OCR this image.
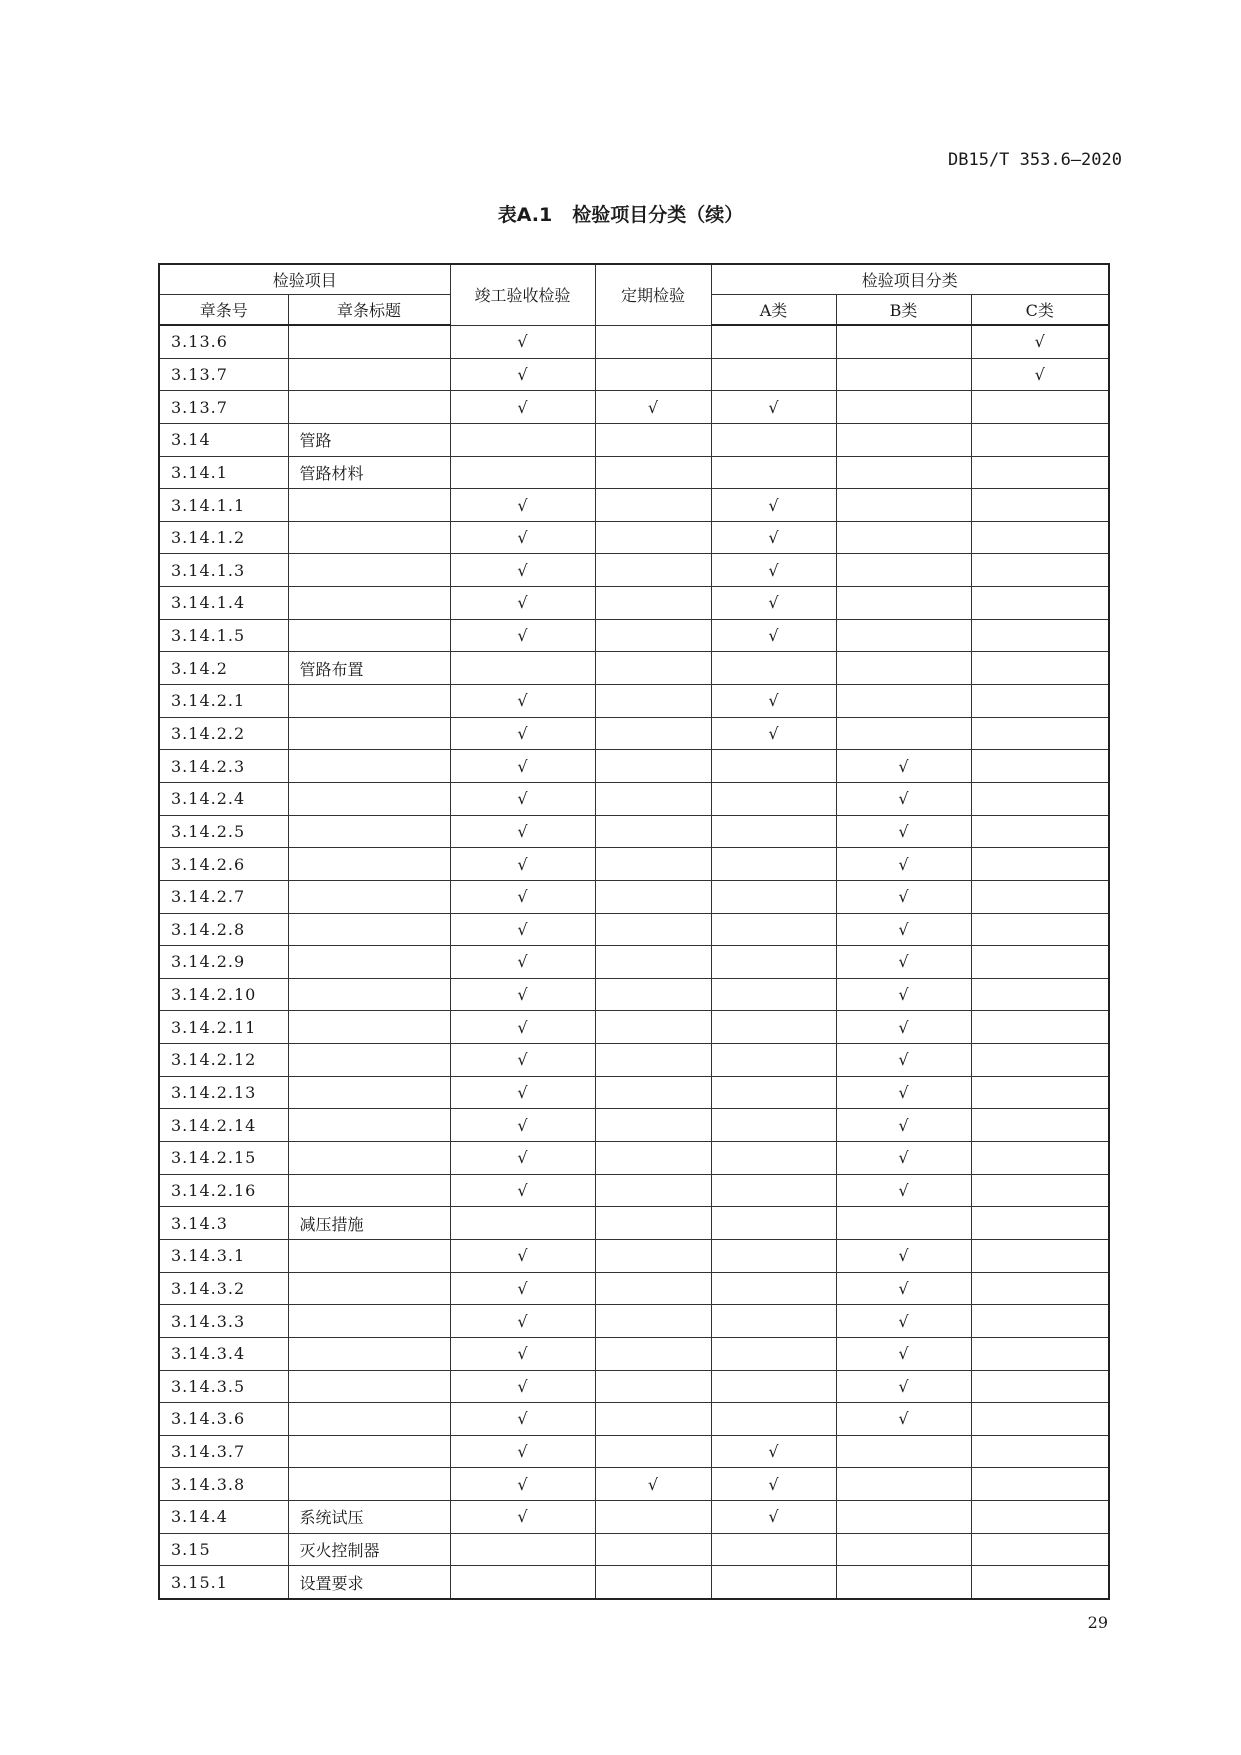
DB15/T 353.6—2020
表A.1 检验项目分类（续）
检验项目		竣工验收检验	定期检验	检验项目分类		
章条号	章条标题			A类	B类	C类
3.13.6		√				√
3.13.7		√				√
3.13.7		√	√	√		
3.14	管路					
3.14.1	管路材料					
3.14.1.1		√		√		
3.14.1.2		√		√		
3.14.1.3		√		√		
3.14.1.4		√		√		
3.14.1.5		√		√		
3.14.2	管路布置					
3.14.2.1		√		√		
3.14.2.2		√		√		
3.14.2.3		√			√	
3.14.2.4		√			√	
3.14.2.5		√			√	
3.14.2.6		√			√	
3.14.2.7		√			√	
3.14.2.8		√			√	
3.14.2.9		√			√	
3.14.2.10		√			√	
3.14.2.11		√			√	
3.14.2.12		√			√	
3.14.2.13		√			√	
3.14.2.14		√			√	
3.14.2.15		√			√	
3.14.2.16		√			√	
3.14.3	减压措施					
3.14.3.1		√			√	
3.14.3.2		√			√	
3.14.3.3		√			√	
3.14.3.4		√			√	
3.14.3.5		√			√	
3.14.3.6		√			√	
3.14.3.7		√		√		
3.14.3.8		√	√	√		
3.14.4	系统试压	√		√		
3.15	灭火控制器					
3.15.1	设置要求					
29
